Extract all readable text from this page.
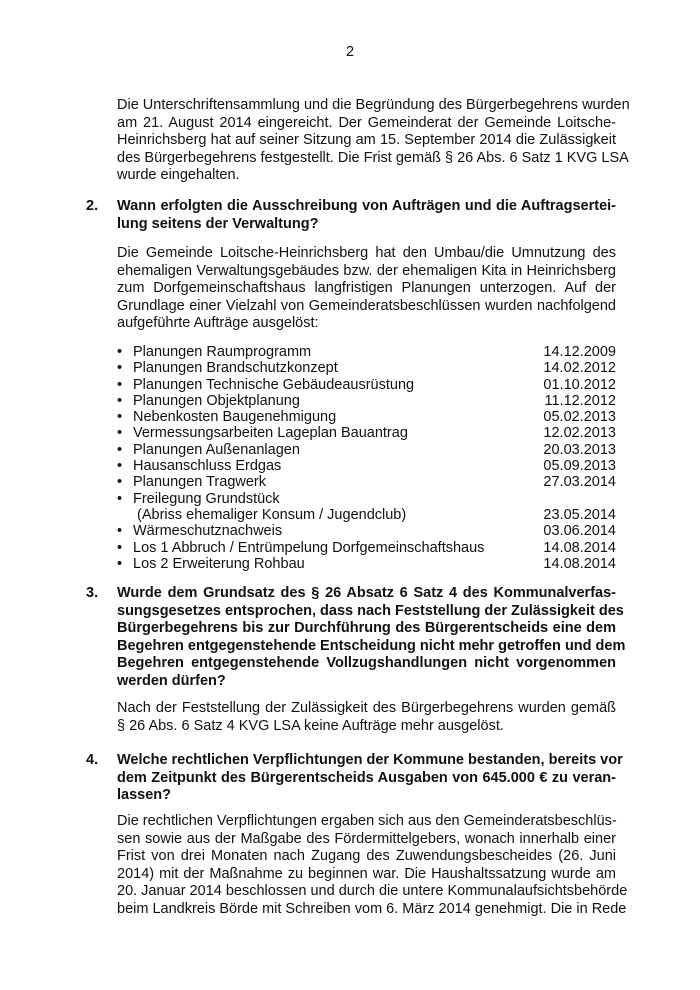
2
Die Unterschriftensammlung und die Begründung des Bürgerbegehrens wurden
am 21. August 2014 eingereicht. Der Gemeinderat der Gemeinde Loitsche-
Heinrichsberg hat auf seiner Sitzung am 15. September 2014 die Zulässigkeit
des Bürgerbegehrens festgestellt. Die Frist gemäß § 26 Abs. 6 Satz 1 KVG LSA
wurde eingehalten.
2. Wann erfolgten die Ausschreibung von Aufträgen und die Auftragsertei-
lung seitens der Verwaltung?
Die Gemeinde Loitsche-Heinrichsberg hat den Umbau/die Umnutzung des
ehemaligen Verwaltungsgebäudes bzw. der ehemaligen Kita in Heinrichsberg
zum Dorfgemeinschaftshaus langfristigen Planungen unterzogen. Auf der
Grundlage einer Vielzahl von Gemeinderatsbeschlüssen wurden nachfolgend
aufgeführte Aufträge ausgelöst:
• Planungen Raumprogramm	14.12.2009
• Planungen Brandschutzkonzept	14.02.2012
• Planungen Technische Gebäudeausrüstung	01.10.2012
• Planungen Objektplanung	11.12.2012
• Nebenkosten Baugenehmigung	05.02.2013
• Vermessungsarbeiten Lageplan Bauantrag	12.02.2013
• Planungen Außenanlagen	20.03.2013
• Hausanschluss Erdgas	05.09.2013
• Planungen Tragwerk	27.03.2014
• Freilegung Grundstück
(Abriss ehemaliger Konsum / Jugendclub)	23.05.2014
• Wärmeschutznachweis	03.06.2014
• Los 1 Abbruch / Entrümpelung Dorfgemeinschaftshaus	14.08.2014
• Los 2 Erweiterung Rohbau	14.08.2014
3. Wurde dem Grundsatz des § 26 Absatz 6 Satz 4 des Kommunalverfas-
sungsgesetzes entsprochen, dass nach Feststellung der Zulässigkeit des
Bürgerbegehrens bis zur Durchführung des Bürgerentscheids eine dem
Begehren entgegenstehende Entscheidung nicht mehr getroffen und dem
Begehren entgegenstehende Vollzugshandlungen nicht vorgenommen
werden dürfen?
Nach der Feststellung der Zulässigkeit des Bürgerbegehrens wurden gemäß
§ 26 Abs. 6 Satz 4 KVG LSA keine Aufträge mehr ausgelöst.
4. Welche rechtlichen Verpflichtungen der Kommune bestanden, bereits vor
dem Zeitpunkt des Bürgerentscheids Ausgaben von 645.000 € zu veran-
lassen?
Die rechtlichen Verpflichtungen ergaben sich aus den Gemeinderatsbeschlüs-
sen sowie aus der Maßgabe des Fördermittelgebers, wonach innerhalb einer
Frist von drei Monaten nach Zugang des Zuwendungsbescheides (26. Juni
2014) mit der Maßnahme zu beginnen war. Die Haushaltssatzung wurde am
20. Januar 2014 beschlossen und durch die untere Kommunalaufsichtsbehörde
beim Landkreis Börde mit Schreiben vom 6. März 2014 genehmigt. Die in Rede
